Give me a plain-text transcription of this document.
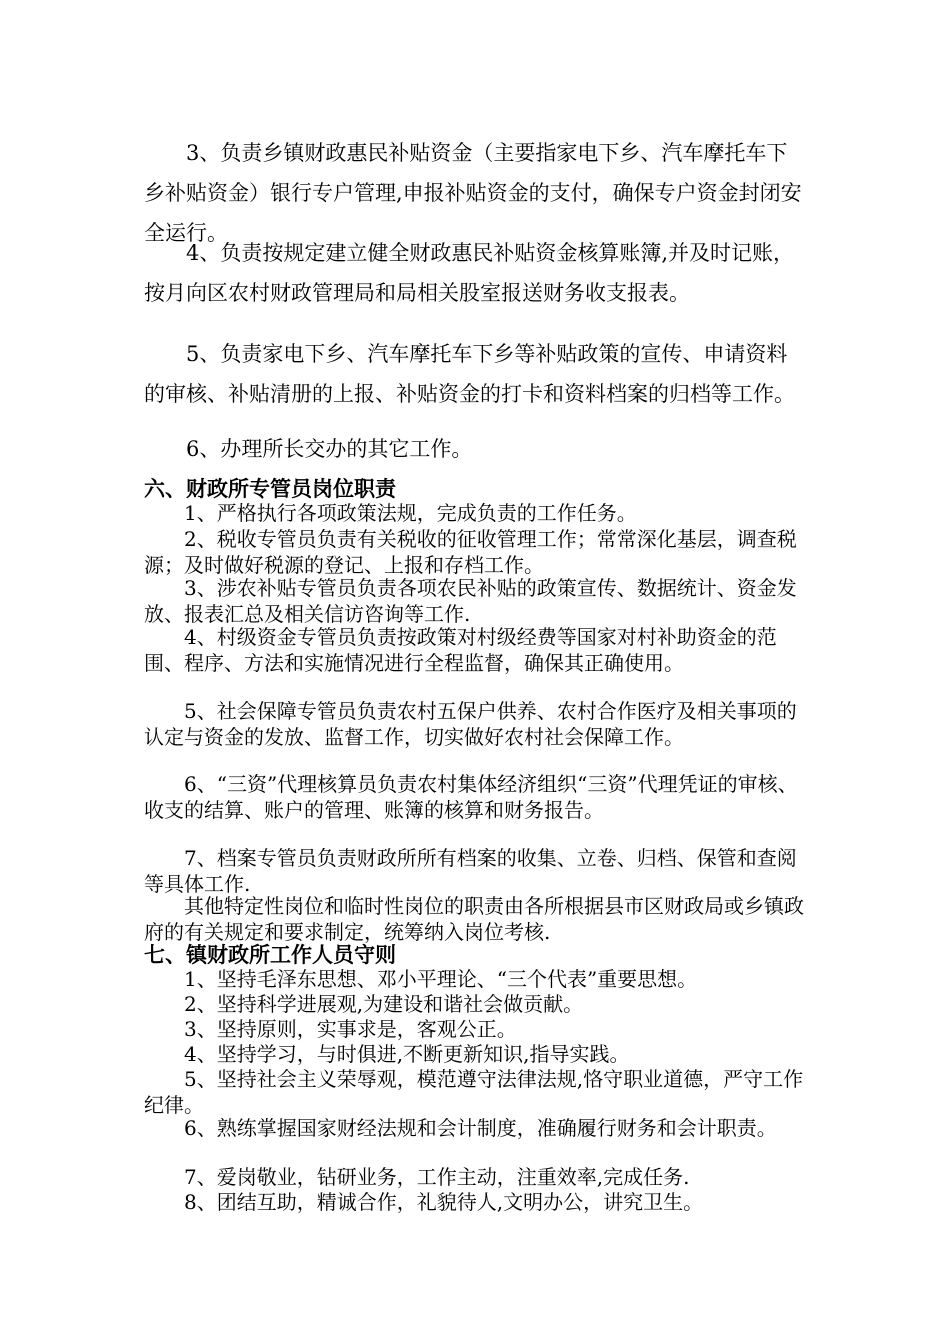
3、负责乡镇财政惠民补贴资金（主要指家电下乡、汽车摩托车下乡补贴资金）银行专户管理,申报补贴资金的支付，确保专户资金封闭安全运行。

4、负责按规定建立健全财政惠民补贴资金核算账簿,并及时记账，按月向区农村财政管理局和局相关股室报送财务收支报表。

5、负责家电下乡、汽车摩托车下乡等补贴政策的宣传、申请资料的审核、补贴清册的上报、补贴资金的打卡和资料档案的归档等工作。

6、办理所长交办的其它工作。

六、财政所专管员岗位职责

1、严格执行各项政策法规，完成负责的工作任务。

2、税收专管员负责有关税收的征收管理工作；常常深化基层，调查税源；及时做好税源的登记、上报和存档工作。

3、涉农补贴专管员负责各项农民补贴的政策宣传、数据统计、资金发放、报表汇总及相关信访咨询等工作.

4、村级资金专管员负责按政策对村级经费等国家对村补助资金的范围、程序、方法和实施情况进行全程监督，确保其正确使用。

5、社会保障专管员负责农村五保户供养、农村合作医疗及相关事项的认定与资金的发放、监督工作，切实做好农村社会保障工作。

6、“三资”代理核算员负责农村集体经济组织“三资”代理凭证的审核、收支的结算、账户的管理、账簿的核算和财务报告。

7、档案专管员负责财政所所有档案的收集、立卷、归档、保管和查阅等具体工作.

其他特定性岗位和临时性岗位的职责由各所根据县市区财政局或乡镇政府的有关规定和要求制定，统筹纳入岗位考核.

七、镇财政所工作人员守则

1、坚持毛泽东思想、邓小平理论、“三个代表”重要思想。

2、坚持科学进展观,为建设和谐社会做贡献。

3、坚持原则，实事求是，客观公正。

4、坚持学习，与时俱进,不断更新知识,指导实践。

5、坚持社会主义荣辱观，模范遵守法律法规,恪守职业道德，严守工作纪律。

6、熟练掌握国家财经法规和会计制度，准确履行财务和会计职责。

7、爱岗敬业，钻研业务，工作主动，注重效率,完成任务.

8、团结互助，精诚合作，礼貌待人,文明办公，讲究卫生。
